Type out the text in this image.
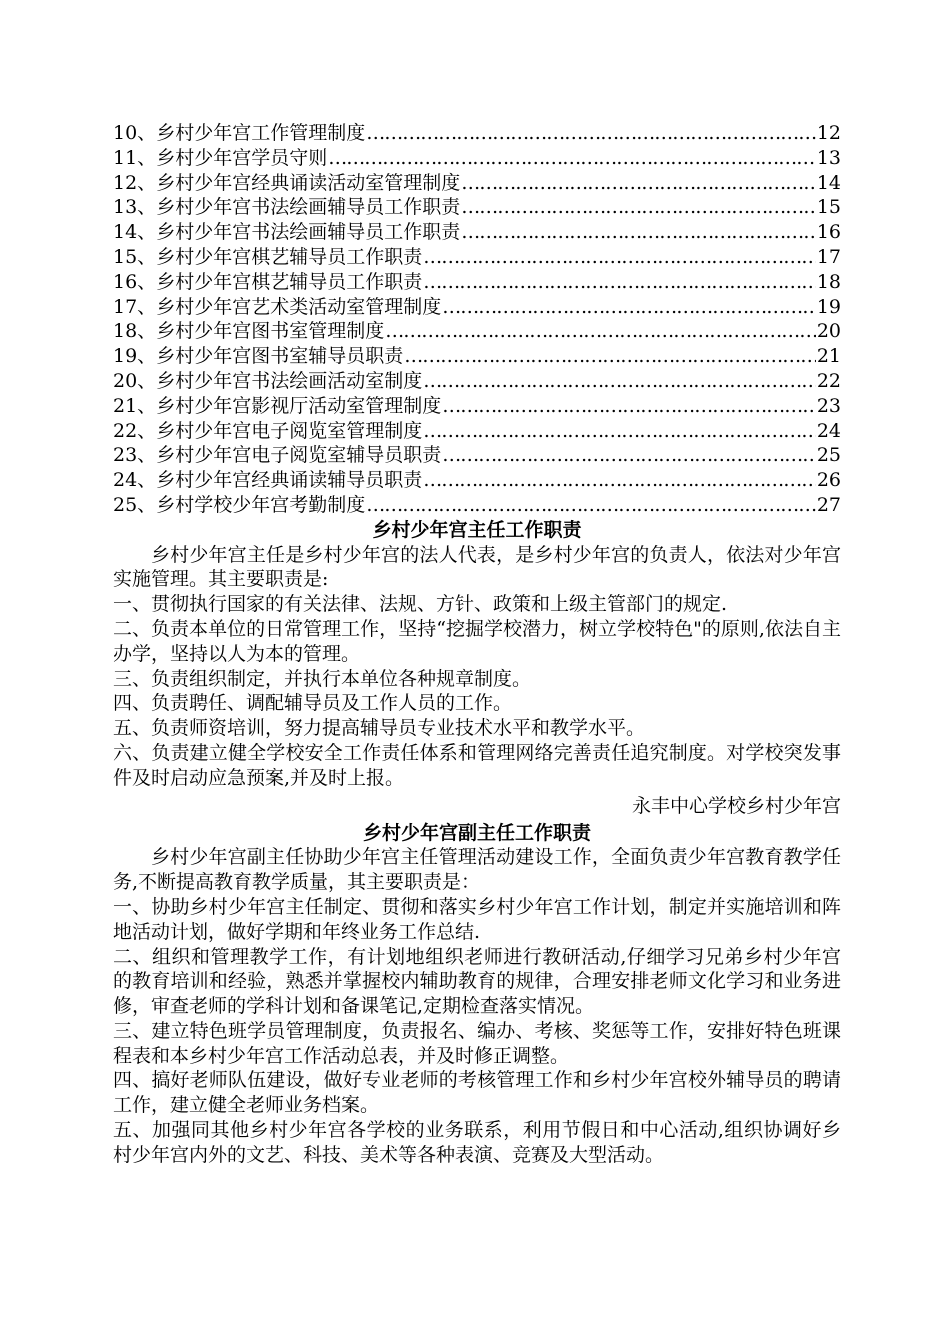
10、乡村少年宫工作管理制度 …………………………………………………………………………………………………………	12
11、乡村少年宫学员守则 …………………………………………………………………………………………………………	13
12、乡村少年宫经典诵读活动室管理制度 …………………………………………………………………………………………………………	14
13、乡村少年宫书法绘画辅导员工作职责 …………………………………………………………………………………………………………	15
14、乡村少年宫书法绘画辅导员工作职责 …………………………………………………………………………………………………………	16
15、乡村少年宫棋艺辅导员工作职责 …………………………………………………………………………………………………………	17
16、乡村少年宫棋艺辅导员工作职责 …………………………………………………………………………………………………………	18
17、乡村少年宫艺术类活动室管理制度 …………………………………………………………………………………………………………	19
18、乡村少年宫图书室管理制度 …………………………………………………………………………………………………………	20
19、乡村少年宫图书室辅导员职责 …………………………………………………………………………………………………………	21
20、乡村少年宫书法绘画活动室制度 …………………………………………………………………………………………………………	22
21、乡村少年宫影视厅活动室管理制度 …………………………………………………………………………………………………………	23
22、乡村少年宫电子阅览室管理制度 …………………………………………………………………………………………………………	24
23、乡村少年宫电子阅览室辅导员职责 …………………………………………………………………………………………………………	25
24、乡村少年宫经典诵读辅导员职责 …………………………………………………………………………………………………………	26
25、乡村学校少年宫考勤制度 …………………………………………………………………………………………………………	27
乡村少年宫主任工作职责

乡村少年宫主任是乡村少年宫的法人代表，是乡村少年宫的负责人，依法对少年宫实施管理。其主要职责是:

一、贯彻执行国家的有关法律、法规、方针、政策和上级主管部门的规定.

二、负责本单位的日常管理工作，坚持“挖掘学校潜力，树立学校特色"的原则,依法自主办学，坚持以人为本的管理。

三、负责组织制定，并执行本单位各种规章制度。

四、负责聘任、调配辅导员及工作人员的工作。

五、负责师资培训，努力提高辅导员专业技术水平和教学水平。

六、负责建立健全学校安全工作责任体系和管理网络完善责任追究制度。对学校突发事件及时启动应急预案,并及时上报。

永丰中心学校乡村少年宫
乡村少年宫副主任工作职责

乡村少年宫副主任协助少年宫主任管理活动建设工作，全面负责少年宫教育教学任务,不断提高教育教学质量，其主要职责是：

一、协助乡村少年宫主任制定、贯彻和落实乡村少年宫工作计划，制定并实施培训和阵地活动计划，做好学期和年终业务工作总结.

二、组织和管理教学工作，有计划地组织老师进行教研活动,仔细学习兄弟乡村少年宫的教育培训和经验，熟悉并掌握校内辅助教育的规律，合理安排老师文化学习和业务进修，审查老师的学科计划和备课笔记,定期检查落实情况。

三、建立特色班学员管理制度，负责报名、编办、考核、奖惩等工作，安排好特色班课程表和本乡村少年宫工作活动总表，并及时修正调整。

四、搞好老师队伍建设，做好专业老师的考核管理工作和乡村少年宫校外辅导员的聘请工作，建立健全老师业务档案。

五、加强同其他乡村少年宫各学校的业务联系，利用节假日和中心活动,组织协调好乡村少年宫内外的文艺、科技、美术等各种表演、竞赛及大型活动。
